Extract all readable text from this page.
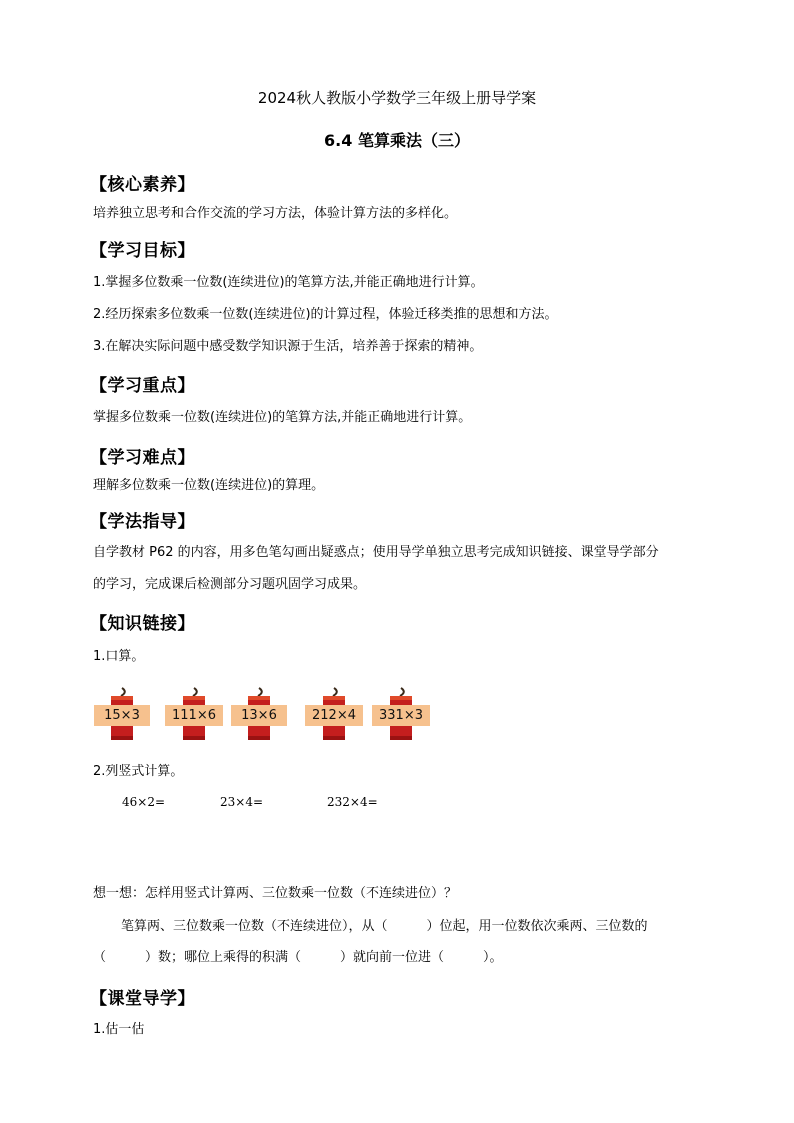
2024秋人教版小学数学三年级上册导学案
6.4 笔算乘法（三）
【核心素养】
培养独立思考和合作交流的学习方法，体验计算方法的多样化。
【学习目标】
1.掌握多位数乘一位数(连续进位)的笔算方法,并能正确地进行计算。
2.经历探索多位数乘一位数(连续进位)的计算过程，体验迁移类推的思想和方法。
3.在解决实际问题中感受数学知识源于生活，培养善于探索的精神。
【学习重点】
掌握多位数乘一位数(连续进位)的笔算方法,并能正确地进行计算。
【学习难点】
理解多位数乘一位数(连续进位)的算理。
【学法指导】
自学教材 P62 的内容，用多色笔勾画出疑惑点；使用导学单独立思考完成知识链接、课堂导学部分
的学习，完成课后检测部分习题巩固学习成果。
【知识链接】
1.口算。
15×3	111×6	13×6	212×4	331×3
2.列竖式计算。
46×2=	23×4=	232×4=
想一想：怎样用竖式计算两、三位数乘一位数（不连续进位）？
笔算两、三位数乘一位数（不连续进位），从（　　　）位起，用一位数依次乘两、三位数的
（　　　）数；哪位上乘得的积满（　　　）就向前一位进（　　　）。
【课堂导学】
1.估一估
